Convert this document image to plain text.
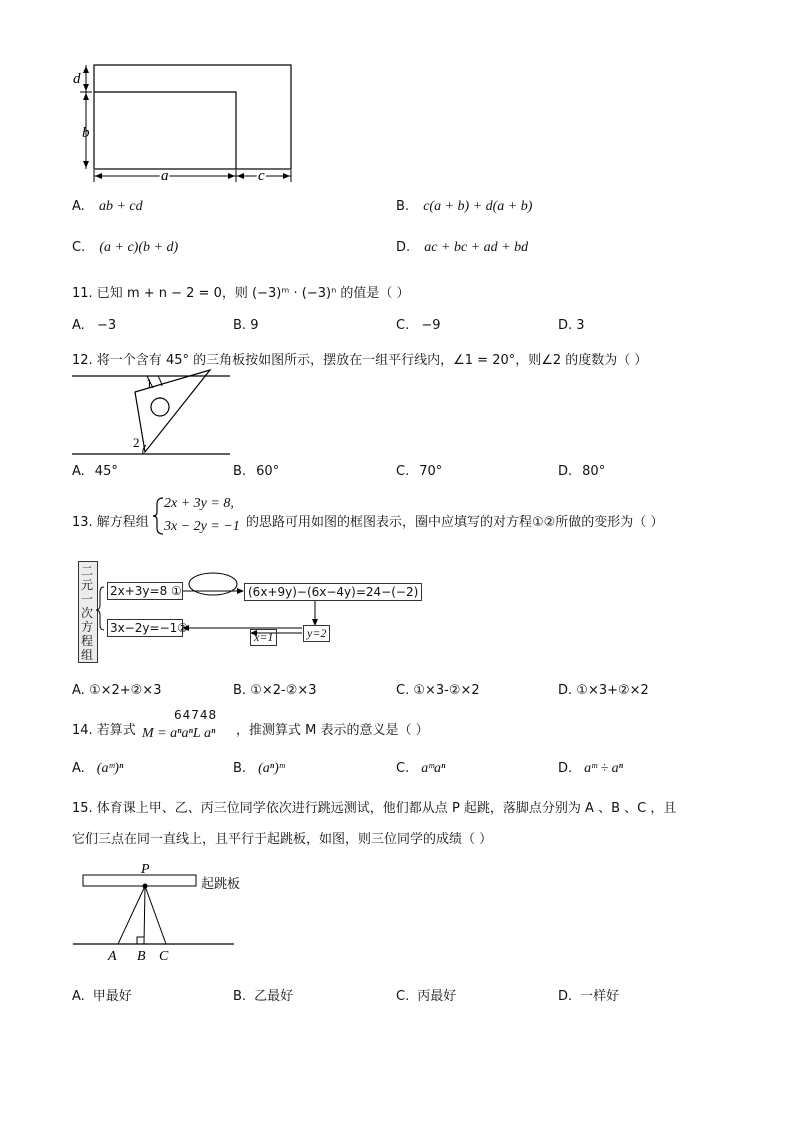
d
b
a	c
A. ab + cd	B. c(a + b) + d(a + b)
C. (a + c)(b + d)	D. ac + bc + ad + bd
11. 已知 m + n − 2 = 0，则 (−3)ᵐ · (−3)ⁿ 的值是（ ）
A. −3	B. 9	C. −9	D. 3
12. 将一个含有 45° 的三角板按如图所示，摆放在一组平行线内，∠1 = 20°，则∠2 的度数为（ ）
1
2
A. 45°	B. 60°	C. 70°	D. 80°
13. 解方程组
2x + 3y = 8,
3x − 2y = −1 的思路可用如图的框图表示，圈中应填写的对方程①②所做的变形为（ ）
二
元
一
次
方
程
组
2x+3y=8 ①
3x−2y=−1②
(6x+9y)−(6x−4y)=24−(−2)
y=2
x=1
A. ①×2+②×3	B. ①×2-②×3	C. ①×3-②×2	D. ①×3+②×2
14. 若算式
64748
M = aⁿaⁿL aⁿ ，推测算式 M 表示的意义是（ ）
A. (aᵐ)ⁿ	B. (aⁿ)ᵐ	C. aᵐaⁿ	D. aᵐ ÷ aⁿ
15. 体育课上甲、乙、丙三位同学依次进行跳远测试，他们都从点 P 起跳，落脚点分别为 A 、B 、C ，且
它们三点在同一直线上，且平行于起跳板，如图，则三位同学的成绩（ ）
P
A B C
起跳板
A. 甲最好	B. 乙最好	C. 丙最好	D. 一样好
